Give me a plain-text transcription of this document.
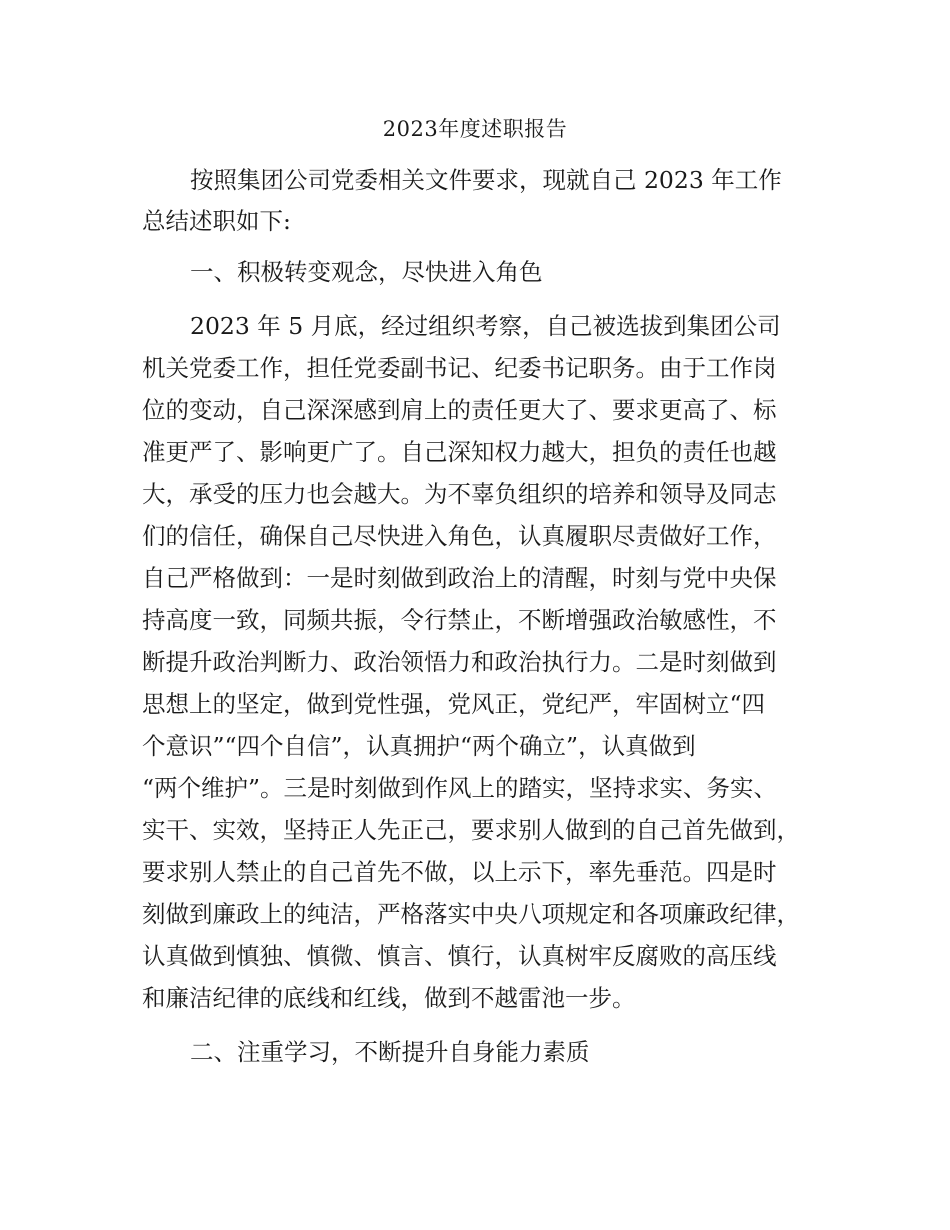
2023年度述职报告
按照集团公司党委相关文件要求，现就自己 2023 年工作
总结述职如下:
一、积极转变观念，尽快进入角色
2023 年 5 月底，经过组织考察，自己被选拔到集团公司
机关党委工作，担任党委副书记、纪委书记职务。由于工作岗
位的变动，自己深深感到肩上的责任更大了、要求更高了、标
准更严了、影响更广了。自己深知权力越大，担负的责任也越
大，承受的压力也会越大。为不辜负组织的培养和领导及同志
们的信任，确保自己尽快进入角色，认真履职尽责做好工作，
自己严格做到：一是时刻做到政治上的清醒，时刻与党中央保
持高度一致，同频共振，令行禁止，不断增强政治敏感性，不
断提升政治判断力、政治领悟力和政治执行力。二是时刻做到
思想上的坚定，做到党性强，党风正，党纪严，牢固树立“四
个意识”“四个自信”，认真拥护“两个确立”，认真做到
“两个维护”。三是时刻做到作风上的踏实，坚持求实、务实、
实干、实效，坚持正人先正己，要求别人做到的自己首先做到，
要求别人禁止的自己首先不做，以上示下，率先垂范。四是时
刻做到廉政上的纯洁，严格落实中央八项规定和各项廉政纪律，
认真做到慎独、慎微、慎言、慎行，认真树牢反腐败的高压线
和廉洁纪律的底线和红线，做到不越雷池一步。
二、注重学习，不断提升自身能力素质
